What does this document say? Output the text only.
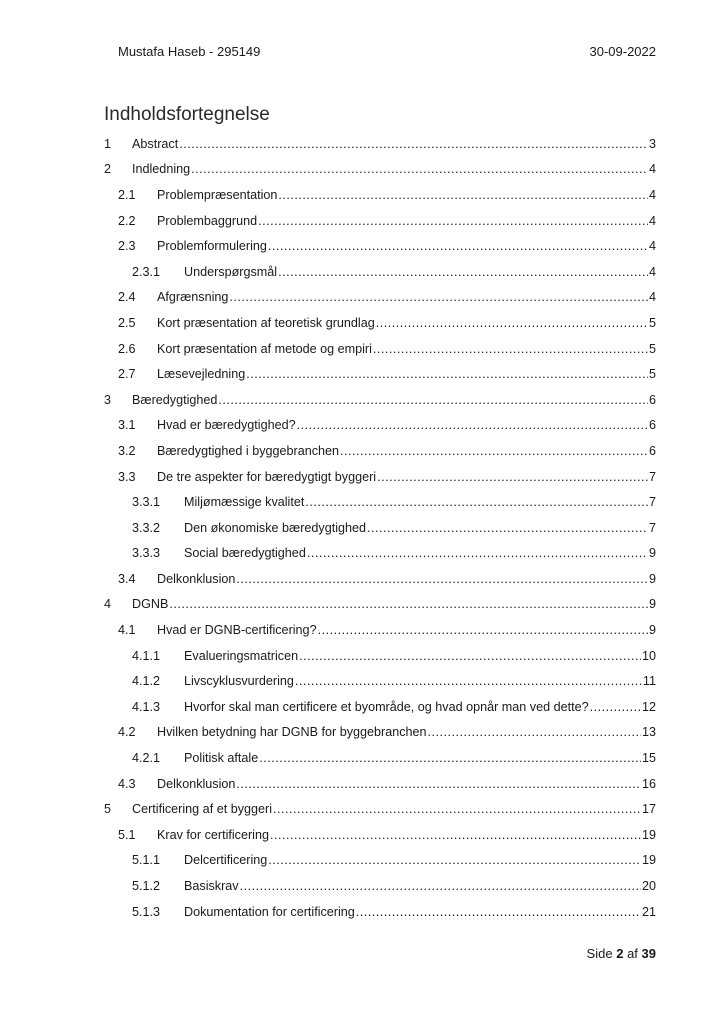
Mustafa Haseb - 295149	30-09-2022
Indholdsfortegnelse
1 Abstract .....	3
2 Indledning .....	4
2.1 Problempræsentation .....	4
2.2 Problembaggrund .....	4
2.3 Problemformulering .....	4
2.3.1 Underspørgsmål .....	4
2.4 Afgrænsning .....	4
2.5 Kort præsentation af teoretisk grundlag .....	5
2.6 Kort præsentation af metode og empiri .....	5
2.7 Læsevejledning .....	5
3 Bæredygtighed .....	6
3.1 Hvad er bæredygtighed? .....	6
3.2 Bæredygtighed i byggebranchen .....	6
3.3 De tre aspekter for bæredygtigt byggeri .....	7
3.3.1 Miljømæssige kvalitet .....	7
3.3.2 Den økonomiske bæredygtighed .....	7
3.3.3 Social bæredygtighed .....	9
3.4 Delkonklusion .....	9
4 DGNB .....	9
4.1 Hvad er DGNB-certificering? .....	9
4.1.1 Evalueringsmatricen .....	10
4.1.2 Livscyklusvurdering .....	11
4.1.3 Hvorfor skal man certificere et byområde, og hvad opnår man ved dette? .....	12
4.2 Hvilken betydning har DGNB for byggebranchen .....	13
4.2.1 Politisk aftale .....	15
4.3 Delkonklusion .....	16
5 Certificering af et byggeri .....	17
5.1 Krav for certificering .....	19
5.1.1 Delcertificering .....	19
5.1.2 Basiskrav .....	20
5.1.3 Dokumentation for certificering .....	21
Side 2 af 39
